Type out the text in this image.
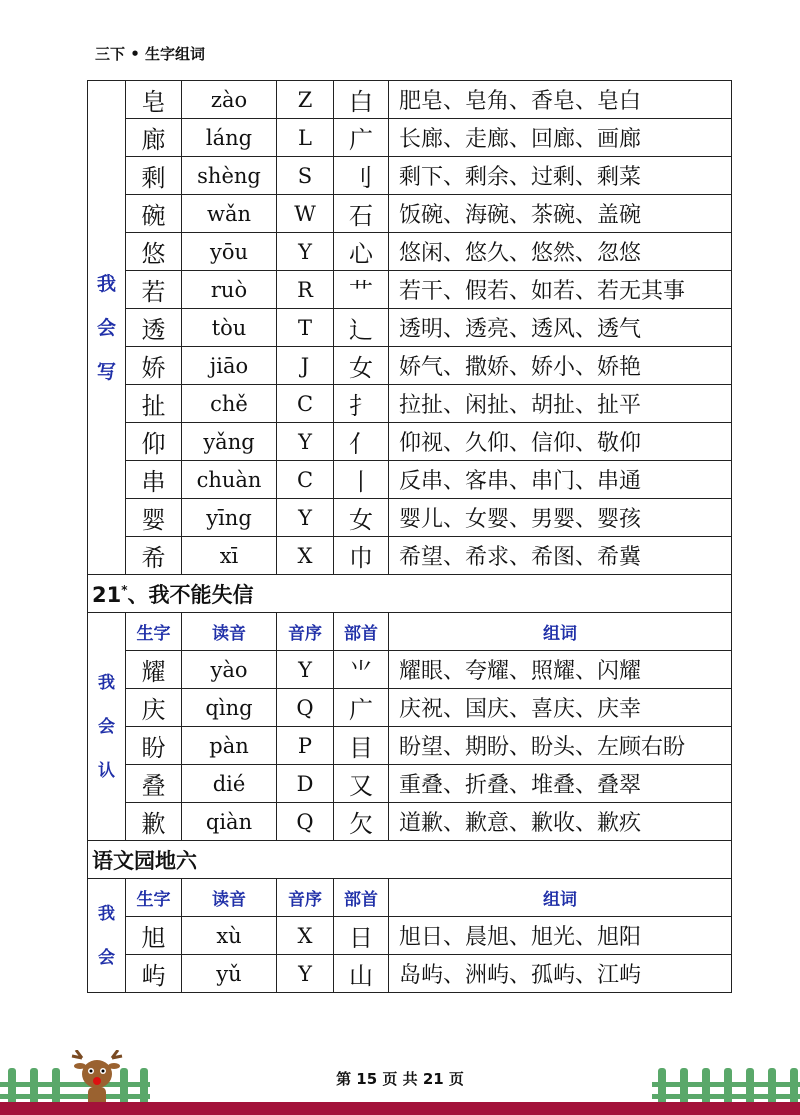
三下 • 生字组词
我
会
写	皂	zào	Z	白	肥皂、皂角、香皂、皂白
	廊	láng	L	广	长廊、走廊、回廊、画廊
	剩	shèng	S	刂	剩下、剩余、过剩、剩菜
	碗	wǎn	W	石	饭碗、海碗、茶碗、盖碗
	悠	yōu	Y	心	悠闲、悠久、悠然、忽悠
	若	ruò	R	艹	若干、假若、如若、若无其事
	透	tòu	T	辶	透明、透亮、透风、透气
	娇	jiāo	J	女	娇气、撒娇、娇小、娇艳
	扯	chě	C	扌	拉扯、闲扯、胡扯、扯平
	仰	yǎng	Y	亻	仰视、久仰、信仰、敬仰
	串	chuàn	C	丨	反串、客串、串门、串通
	婴	yīng	Y	女	婴儿、女婴、男婴、婴孩
	希	xī	X	巾	希望、希求、希图、希冀
21*、我不能失信					

我
会
认	生字	读音	音序	部首	组词
	耀	yào	Y	⺌	耀眼、夸耀、照耀、闪耀
	庆	qìng	Q	广	庆祝、国庆、喜庆、庆幸
	盼	pàn	P	目	盼望、期盼、盼头、左顾右盼
	叠	dié	D	又	重叠、折叠、堆叠、叠翠
	歉	qiàn	Q	欠	道歉、歉意、歉收、歉疚
语文园地六					

我
会	生字	读音	音序	部首	组词
	旭	xù	X	日	旭日、晨旭、旭光、旭阳
	屿	yǔ	Y	山	岛屿、洲屿、孤屿、江屿
第 15 页 共 21 页
